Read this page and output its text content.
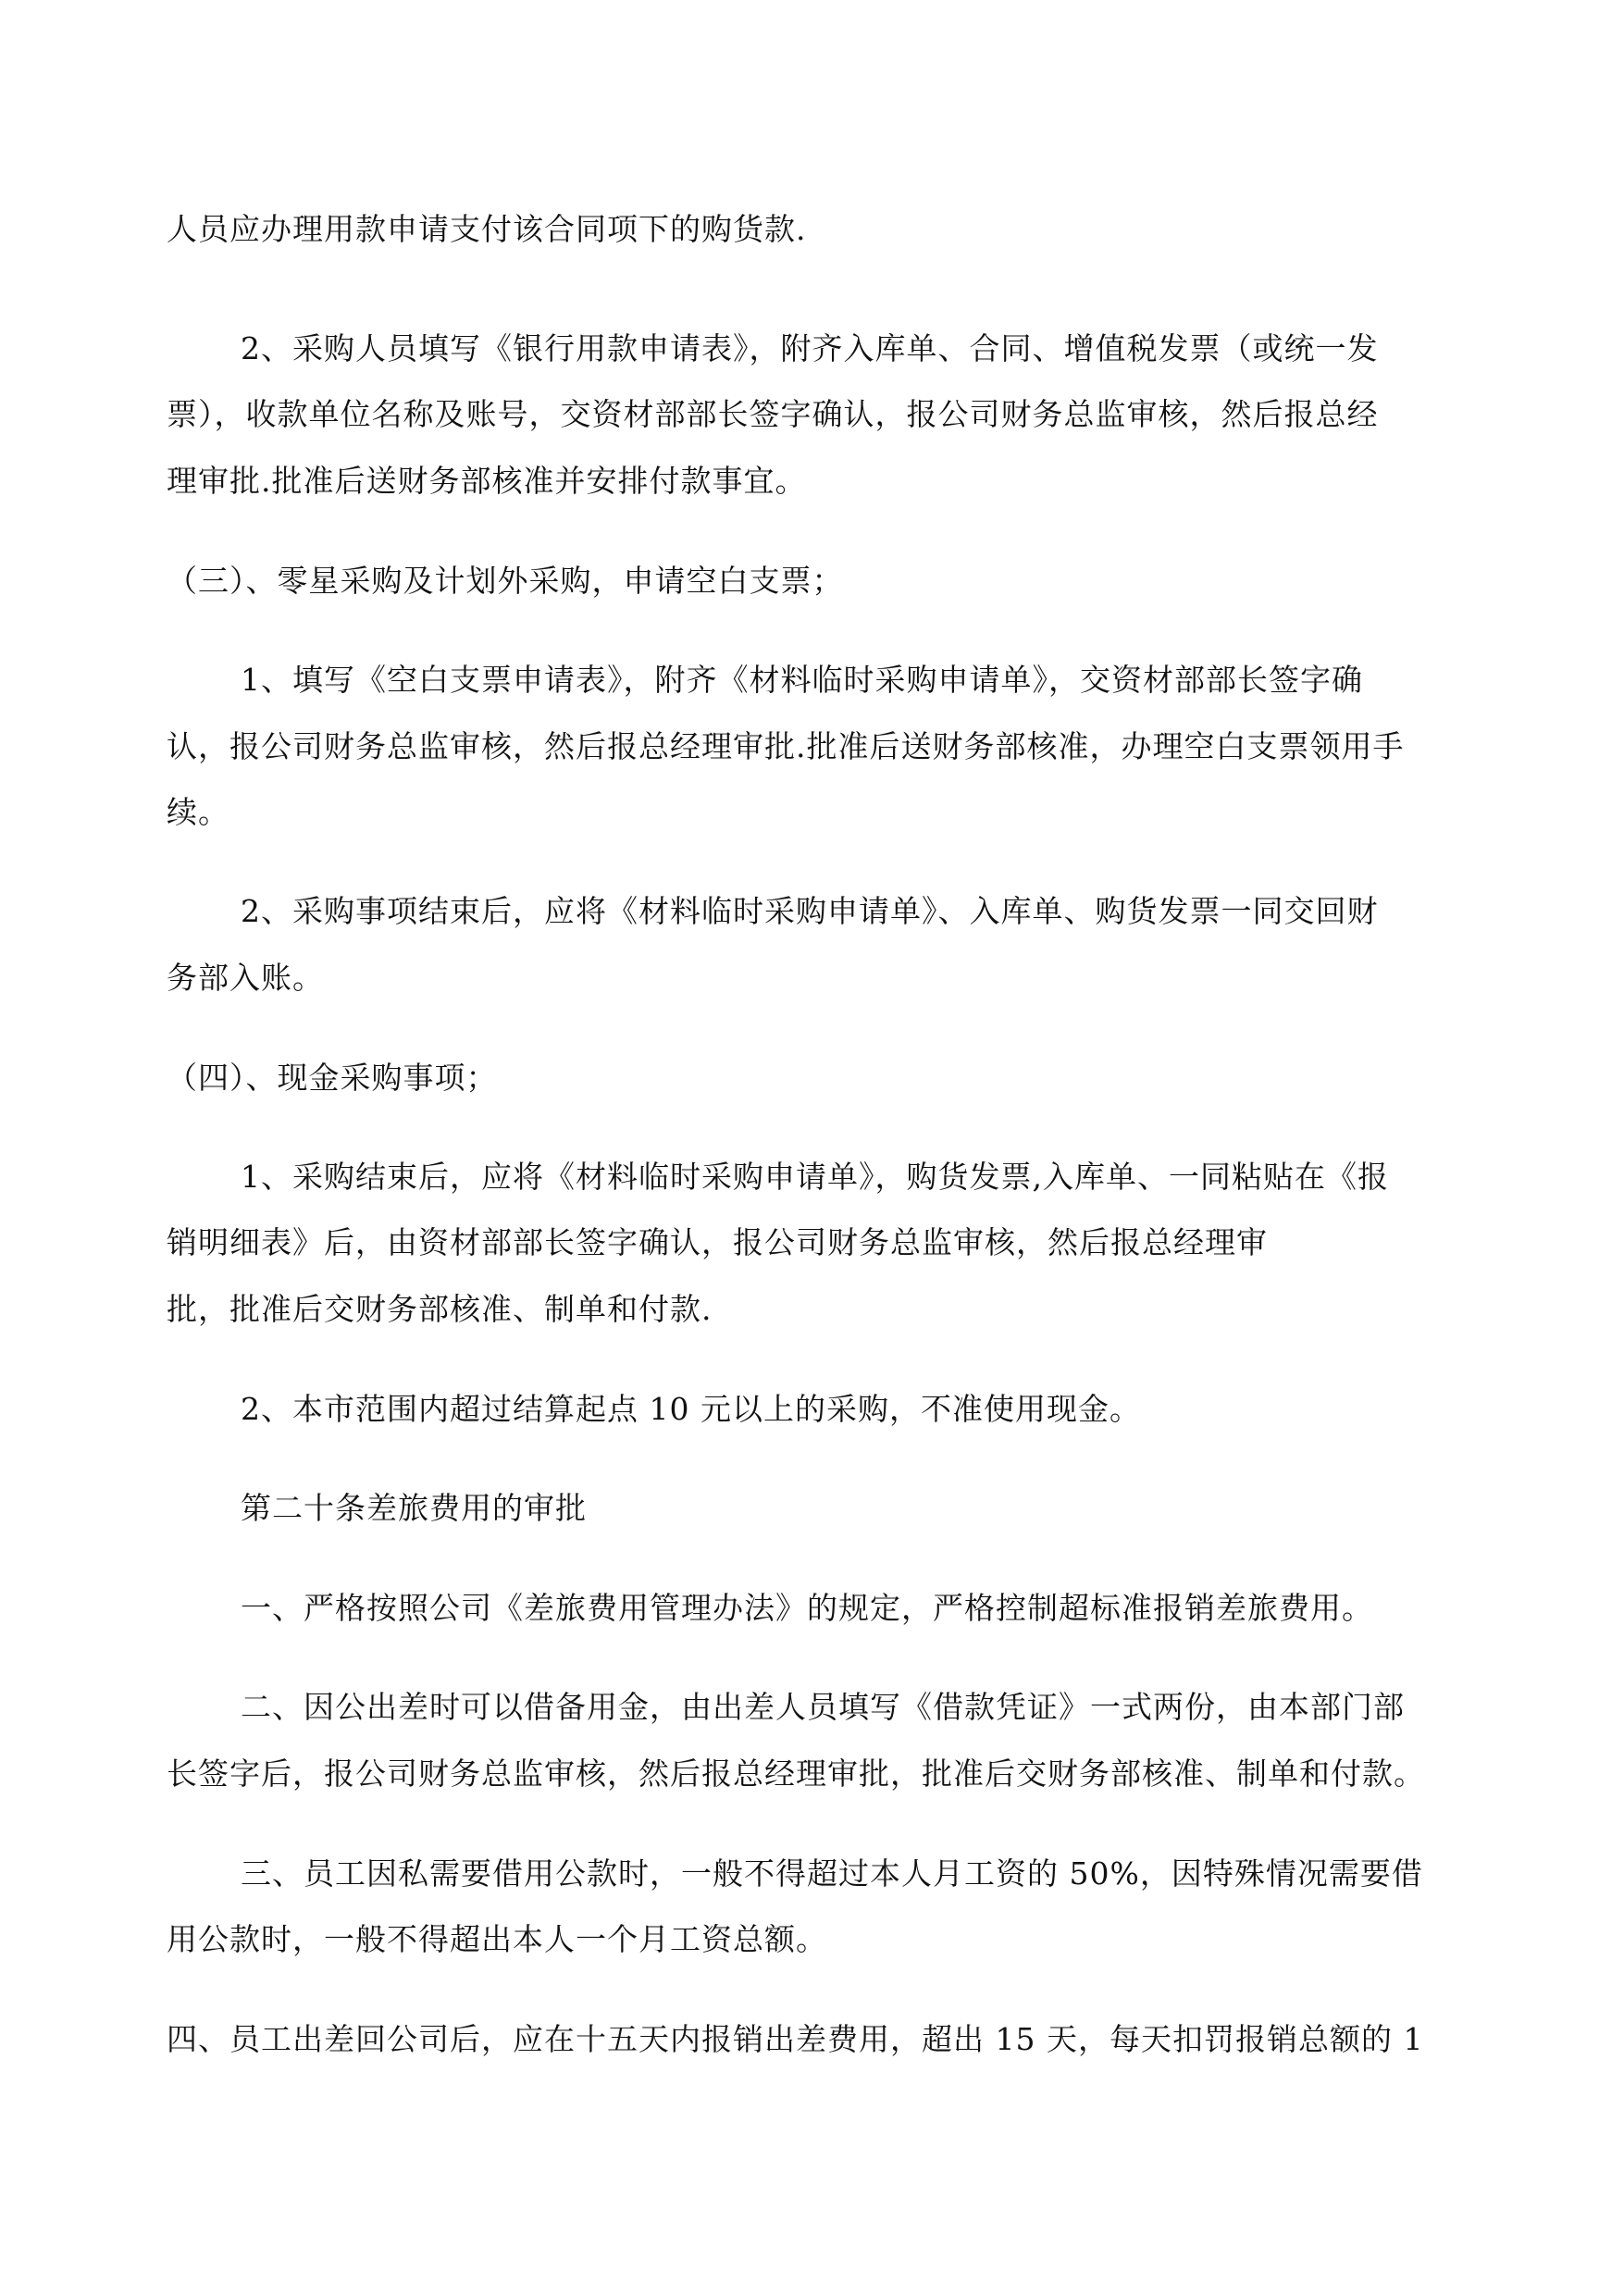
人员应办理用款申请支付该合同项下的购货款.
2、采购人员填写《银行用款申请表》，附齐入库单、合同、增值税发票（或统一发
票），收款单位名称及账号，交资材部部长签字确认，报公司财务总监审核，然后报总经
理审批.批准后送财务部核准并安排付款事宜。
（三）、零星采购及计划外采购，申请空白支票；
1、填写《空白支票申请表》，附齐《材料临时采购申请单》，交资材部部长签字确
认，报公司财务总监审核，然后报总经理审批.批准后送财务部核准，办理空白支票领用手
续。
2、采购事项结束后，应将《材料临时采购申请单》、入库单、购货发票一同交回财
务部入账。
（四）、现金采购事项；
1、采购结束后，应将《材料临时采购申请单》，购货发票,入库单、一同粘贴在《报
销明细表》后，由资材部部长签字确认，报公司财务总监审核，然后报总经理审
批，批准后交财务部核准、制单和付款.
2、本市范围内超过结算起点 10 元以上的采购，不准使用现金。
第二十条差旅费用的审批
一、严格按照公司《差旅费用管理办法》的规定，严格控制超标准报销差旅费用。
二、因公出差时可以借备用金，由出差人员填写《借款凭证》一式两份，由本部门部
长签字后，报公司财务总监审核，然后报总经理审批，批准后交财务部核准、制单和付款。
三、员工因私需要借用公款时，一般不得超过本人月工资的 50%，因特殊情况需要借
用公款时，一般不得超出本人一个月工资总额。
四、员工出差回公司后，应在十五天内报销出差费用，超出 15 天，每天扣罚报销总额的 1
